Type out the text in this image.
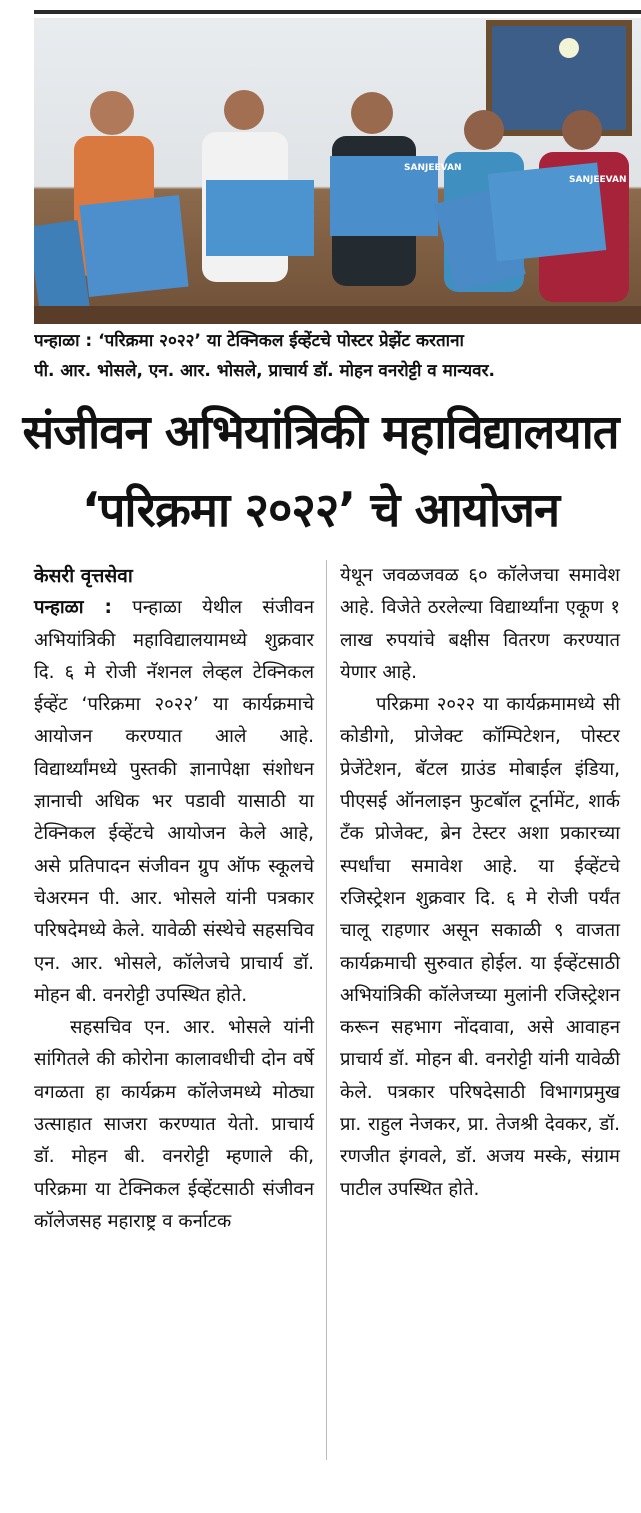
SANJEEVAN
SANJEEVAN
पन्हाळा : ‘परिक्रमा २०२२’ या टेक्निकल ईव्हेंटचे पोस्टर प्रेझेंट करताना
पी. आर. भोसले, एन. आर. भोसले, प्राचार्य डॉ. मोहन वनरोट्टी व मान्यवर.
संजीवन अभियांत्रिकी महाविद्यालयात
‘परिक्रमा २०२२’ चे आयोजन
केसरी वृत्तसेवा

पन्हाळा : पन्हाळा येथील संजीवन अभियांत्रिकी महाविद्यालयामध्ये शुक्रवार दि. ६ मे रोजी नॅशनल लेव्हल टेक्निकल ईव्हेंट ‘परिक्रमा २०२२’ या कार्यक्रमाचे आयोजन करण्यात आले आहे. विद्यार्थ्यांमध्ये पुस्तकी ज्ञानापेक्षा संशोधन ज्ञानाची अधिक भर पडावी यासाठी या टेक्निकल ईव्हेंटचे आयोजन केले आहे, असे प्रतिपादन संजीवन ग्रुप ऑफ स्कूलचे चेअरमन पी. आर. भोसले यांनी पत्रकार परिषदेमध्ये केले. यावेळी संस्थेचे सहसचिव एन. आर. भोसले, कॉलेजचे प्राचार्य डॉ. मोहन बी. वनरोट्टी उपस्थित होते.

सहसचिव एन. आर. भोसले यांनी सांगितले की कोरोना कालावधीची दोन वर्षे वगळता हा कार्यक्रम कॉलेजमध्ये मोठ्या उत्साहात साजरा करण्यात येतो. प्राचार्य डॉ. मोहन बी. वनरोट्टी म्हणाले की, परिक्रमा या टेक्निकल ईव्हेंटसाठी संजीवन कॉलेजसह महाराष्ट्र व कर्नाटक

येथून जवळजवळ ६० कॉलेजचा समावेश आहे. विजेते ठरलेल्या विद्यार्थ्यांना एकूण १ लाख रुपयांचे बक्षीस वितरण करण्यात येणार आहे.

परिक्रमा २०२२ या कार्यक्रमामध्ये सी कोडीगो, प्रोजेक्ट कॉम्पिटेशन, पोस्टर प्रेजेंटेशन, बॅटल ग्राउंड मोबाईल इंडिया, पीएसई ऑनलाइन फुटबॉल टूर्नामेंट, शार्क टँक प्रोजेक्ट, ब्रेन टेस्टर अशा प्रकारच्या स्पर्धांचा समावेश आहे. या ईव्हेंटचे रजिस्ट्रेशन शुक्रवार दि. ६ मे रोजी पर्यंत चालू राहणार असून सकाळी ९ वाजता कार्यक्रमाची सुरुवात होईल. या ईव्हेंटसाठी अभियांत्रिकी कॉलेजच्या मुलांनी रजिस्ट्रेशन करून सहभाग नोंदवावा, असे आवाहन प्राचार्य डॉ. मोहन बी. वनरोट्टी यांनी यावेळी केले. पत्रकार परिषदेसाठी विभागप्रमुख प्रा. राहुल नेजकर, प्रा. तेजश्री देवकर, डॉ. रणजीत इंगवले, डॉ. अजय मस्के, संग्राम पाटील उपस्थित होते.
